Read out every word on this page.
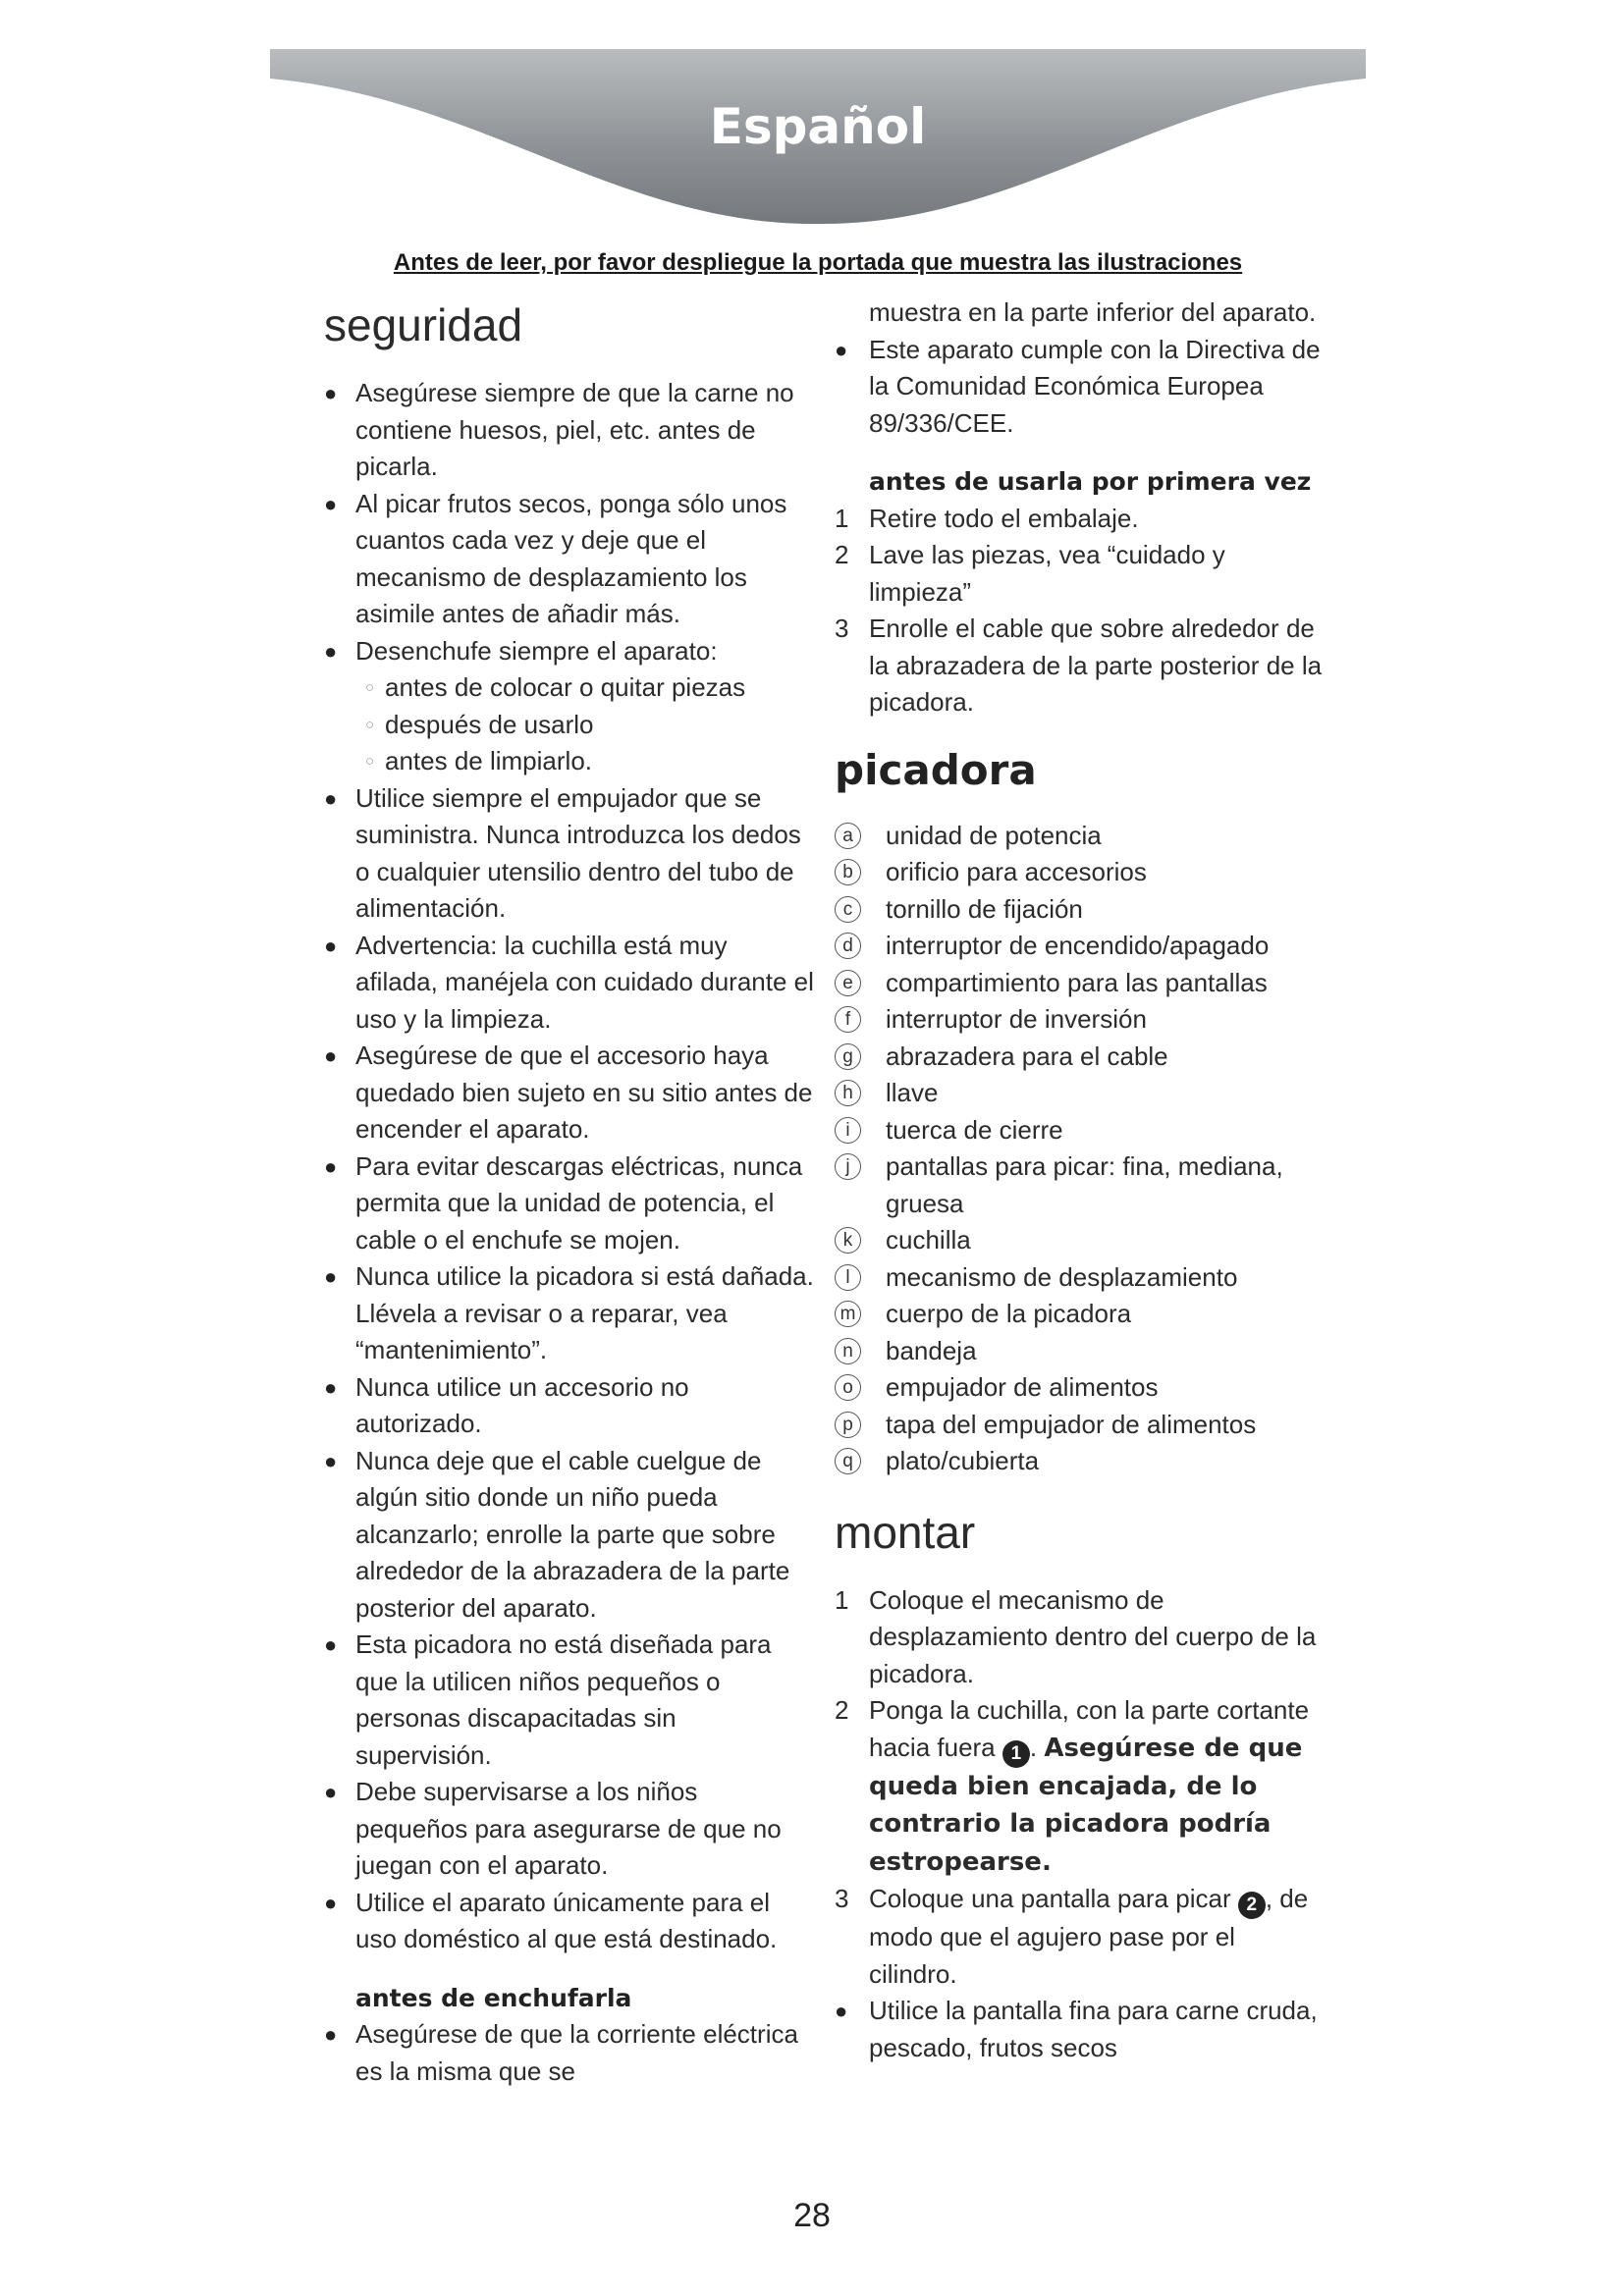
Español
Antes de leer, por favor despliegue la portada que muestra las ilustraciones
seguridad
● Asegúrese siempre de que la carne no contiene huesos, piel, etc. antes de picarla.
● Al picar frutos secos, ponga sólo unos cuantos cada vez y deje que el mecanismo de desplazamiento los asimile antes de añadir más.
● Desenchufe siempre el aparato:
○ antes de colocar o quitar piezas
○ después de usarlo
○ antes de limpiarlo.
● Utilice siempre el empujador que se suministra. Nunca introduzca los dedos o cualquier utensilio dentro del tubo de alimentación.
● Advertencia: la cuchilla está muy afilada, manéjela con cuidado durante el uso y la limpieza.
● Asegúrese de que el accesorio haya quedado bien sujeto en su sitio antes de encender el aparato.
● Para evitar descargas eléctricas, nunca permita que la unidad de potencia, el cable o el enchufe se mojen.
● Nunca utilice la picadora si está dañada. Llévela a revisar o a reparar, vea “mantenimiento”.
● Nunca utilice un accesorio no autorizado.
● Nunca deje que el cable cuelgue de algún sitio donde un niño pueda alcanzarlo; enrolle la parte que sobre alrededor de la abrazadera de la parte posterior del aparato.
● Esta picadora no está diseñada para que la utilicen niños pequeños o personas discapacitadas sin supervisión.
● Debe supervisarse a los niños pequeños para asegurarse de que no juegan con el aparato.
● Utilice el aparato únicamente para el uso doméstico al que está destinado.
antes de enchufarla
● Asegúrese de que la corriente eléctrica es la misma que se
muestra en la parte inferior del aparato.
● Este aparato cumple con la Directiva de la Comunidad Económica Europea 89/336/CEE.
antes de usarla por primera vez
1 Retire todo el embalaje.
2 Lave las piezas, vea “cuidado y limpieza”
3 Enrolle el cable que sobre alrededor de la abrazadera de la parte posterior de la picadora.
picadora
a	unidad de potencia
b	orificio para accesorios
c	tornillo de fijación
d	interruptor de encendido/apagado
e	compartimiento para las pantallas
f	interruptor de inversión
g	abrazadera para el cable
h	llave
i	tuerca de cierre
j	pantallas para picar: fina, mediana, gruesa
k	cuchilla
l	mecanismo de desplazamiento
m cuerpo de la picadora
n	bandeja
o	empujador de alimentos
p	tapa del empujador de alimentos
q	plato/cubierta
montar
1 Coloque el mecanismo de desplazamiento dentro del cuerpo de la picadora.
2 Ponga la cuchilla, con la parte cortante hacia fuera 1 . Asegúrese de que queda bien encajada, de lo contrario la picadora podría estropearse.
3 Coloque una pantalla para picar 2 , de modo que el agujero pase por el cilindro.
● Utilice la pantalla fina para carne cruda, pescado, frutos secos
28
